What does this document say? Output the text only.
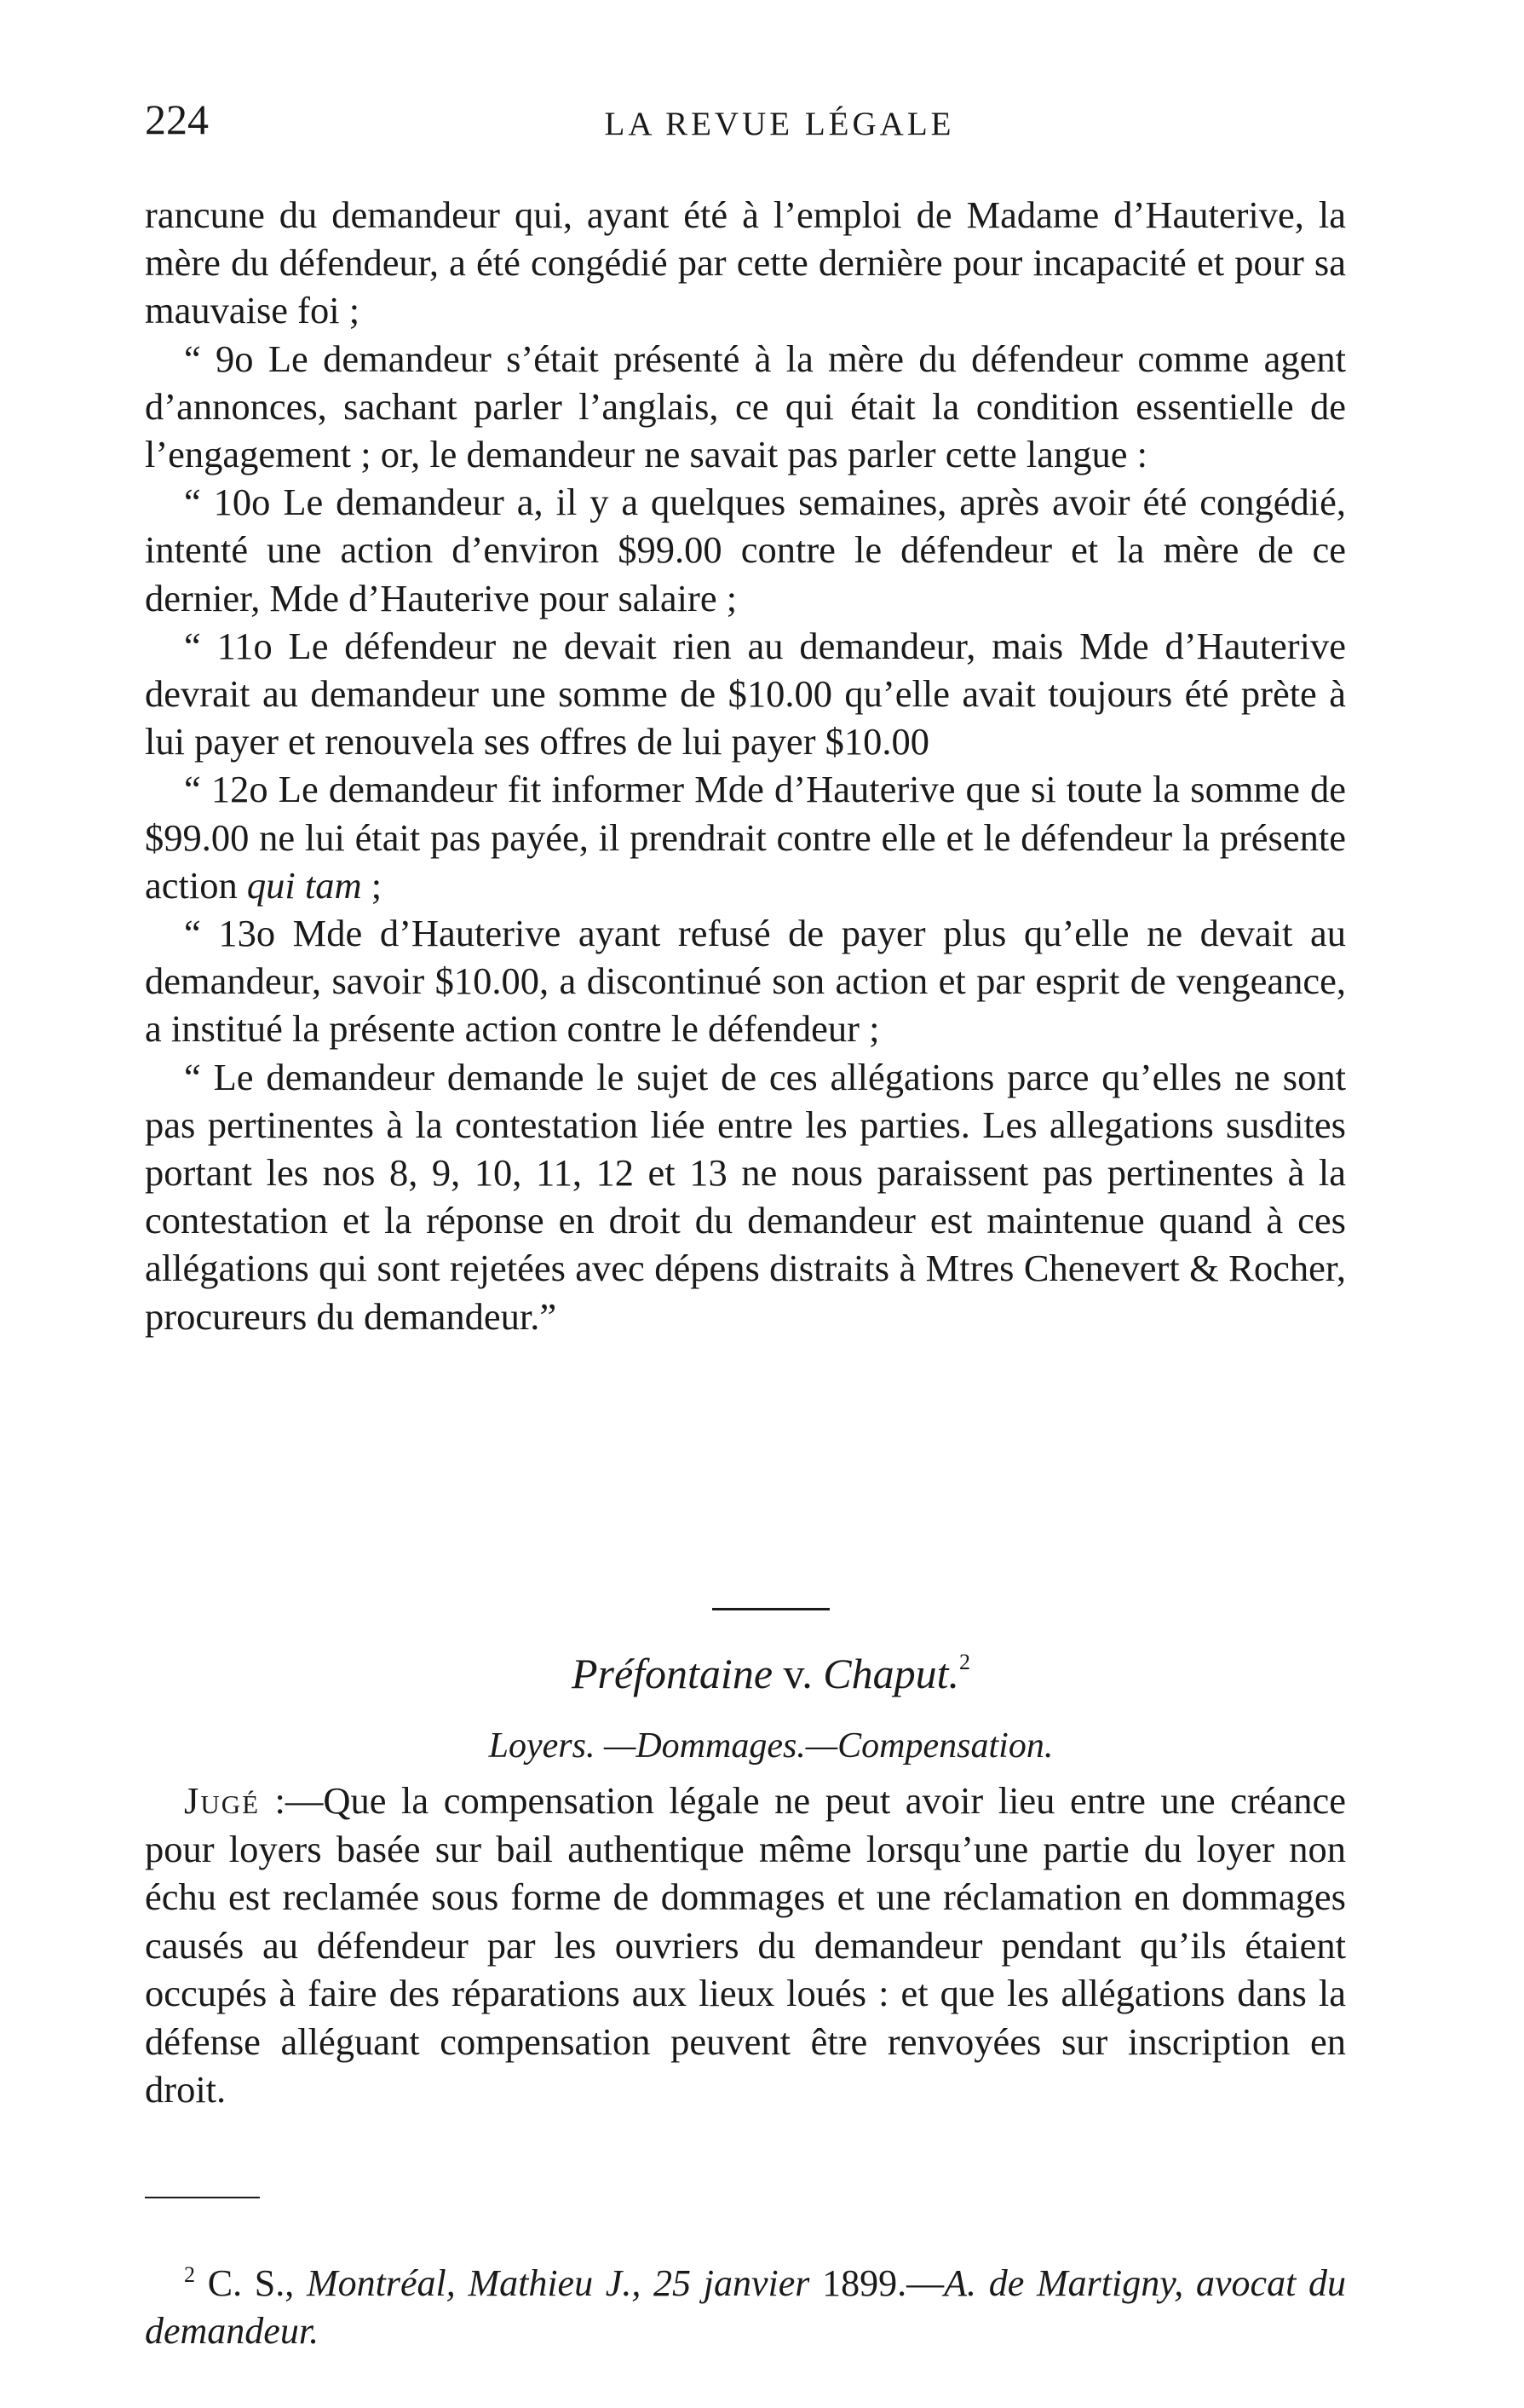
224	LA REVUE LÉGALE

rancune du demandeur qui, ayant été à l’emploi de Madame d’Hauterive, la mère du défendeur, a été congédié par cette dernière pour incapacité et pour sa mauvaise foi ;

“ 9o Le demandeur s’était présenté à la mère du défendeur comme agent d’annonces, sachant parler l’anglais, ce qui était la condition essentielle de l’engagement ; or, le demandeur ne savait pas parler cette langue :

“ 10o Le demandeur a, il y a quelques semaines, après avoir été congédié, intenté une action d’environ $99.00 contre le défendeur et la mère de ce dernier, Mde d’Hauterive pour salaire ;

“ 11o Le défendeur ne devait rien au demandeur, mais Mde d’Hauterive devrait au demandeur une somme de $10.00 qu’elle avait toujours été prète à lui payer et renouvela ses offres de lui payer $10.00

“ 12o Le demandeur fit informer Mde d’Hauterive que si toute la somme de $99.00 ne lui était pas payée, il prendrait contre elle et le défendeur la présente action qui tam ;

“ 13o Mde d’Hauterive ayant refusé de payer plus qu’elle ne devait au demandeur, savoir $10.00, a discontinué son action et par esprit de vengeance, a institué la présente action contre le défendeur ;

“ Le demandeur demande le sujet de ces allégations parce qu’elles ne sont pas pertinentes à la contestation liée entre les parties. Les allegations susdites portant les nos 8, 9, 10, 11, 12 et 13 ne nous paraissent pas pertinentes à la contestation et la réponse en droit du demandeur est maintenue quand à ces allégations qui sont rejetées avec dépens distraits à Mtres Chenevert & Rocher, procureurs du demandeur.”

Préfontaine v. Chaput.$^2$
Loyers. —Dommages.—Compensation.

Jugé :—Que la compensation légale ne peut avoir lieu entre une créance pour loyers basée sur bail authentique même lorsqu’une partie du loyer non échu est reclamée sous forme de dommages et une réclamation en dommages causés au défendeur par les ouvriers du demandeur pendant qu’ils étaient occupés à faire des réparations aux lieux loués : et que les allégations dans la défense alléguant compensation peuvent être renvoyées sur inscription en droit.

$^2$ C. S., Montréal, Mathieu J., 25 janvier 1899.—A. de Martigny, avocat du demandeur.
